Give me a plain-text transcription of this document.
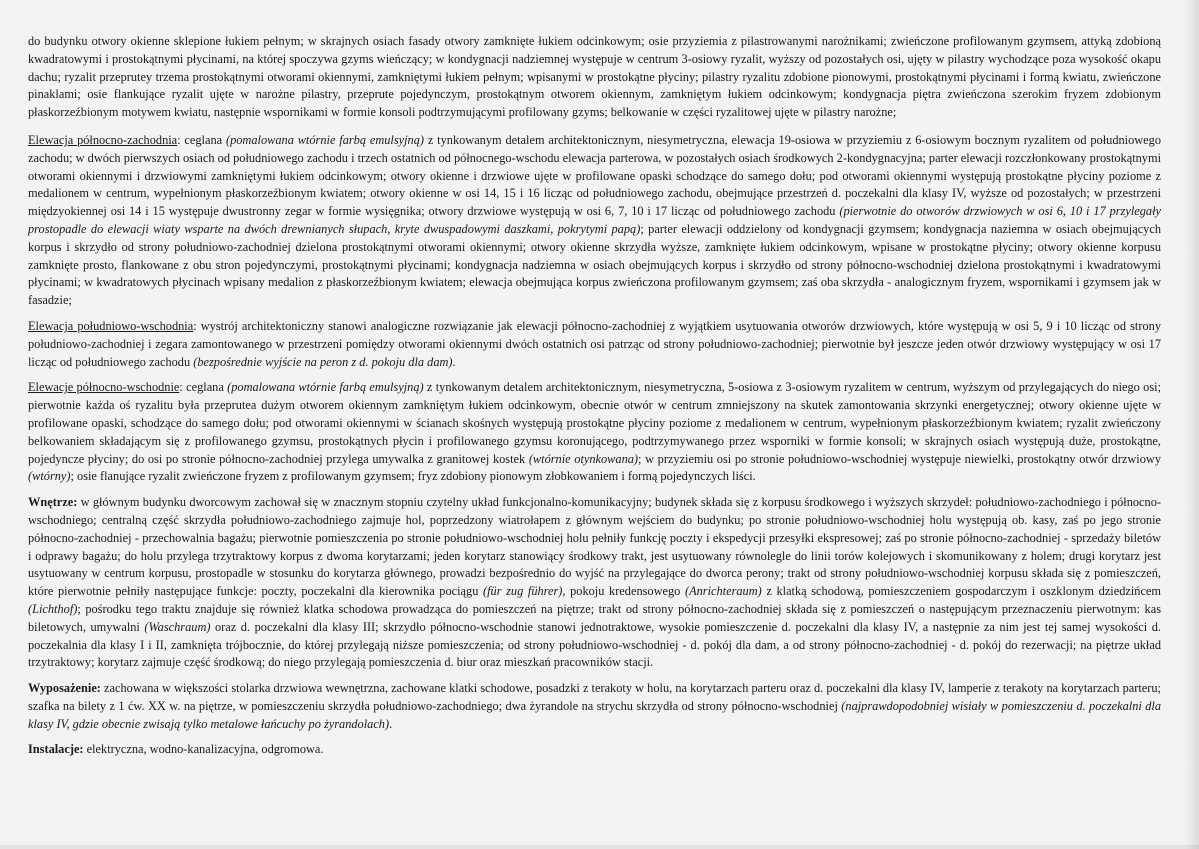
do budynku otwory okienne sklepione łukiem pełnym; w skrajnych osiach fasady otwory zamknięte łukiem odcinkowym; osie przyziemia z pilastrowanymi narożnikami; zwieńczone profilowanym gzymsem, attyką zdobioną kwadratowymi i prostokątnymi płycinami, na której spoczywa gzyms wieńczący; w kondygnacji nadziemnej występuje w centrum 3-osiowy ryzalit, wyższy od pozostałych osi, ujęty w pilastry wychodzące poza wysokość okapu dachu; ryzalit przeprutey trzema prostokątnymi otworami okiennymi, zamkniętymi łukiem pełnym; wpisanymi w prostokątne płyciny; pilastry ryzalitu zdobione pionowymi, prostokątnymi płycinami i formą kwiatu, zwieńczone pinaklami; osie flankujące ryzalit ujęte w narożne pilastry, przeprute pojedynczym, prostokątnym otworem okiennym, zamkniętym łukiem odcinkowym; kondygnacja piętra zwieńczona szerokim fryzem zdobionym płaskorzeźbionym motywem kwiatu, następnie wspornikami w formie konsoli podtrzymującymi profilowany gzyms; belkowanie w części ryzalitowej ujęte w pilastry narożne;

Elewacja północno-zachodnia: ceglana (pomalowana wtórnie farbą emulsyjną) z tynkowanym detalem architektonicznym, niesymetryczna, elewacja 19-osiowa w przyziemiu z 6-osiowym bocznym ryzalitem od południowego zachodu; w dwóch pierwszych osiach od południowego zachodu i trzech ostatnich od północnego-wschodu elewacja parterowa, w pozostałych osiach środkowych 2-kondygnacyjna; parter elewacji rozczłonkowany prostokątnymi otworami okiennymi i drzwiowymi zamkniętymi łukiem odcinkowym; otwory okienne i drzwiowe ujęte w profilowane opaski schodzące do samego dołu; pod otworami okiennymi występują prostokątne płyciny poziome z medalionem w centrum, wypełnionym płaskorzeźbionym kwiatem; otwory okienne w osi 14, 15 i 16 licząc od południowego zachodu, obejmujące przestrzeń d. poczekalni dla klasy IV, wyższe od pozostałych; w przestrzeni międzyokiennej osi 14 i 15 występuje dwustronny zegar w formie wysięgnika; otwory drzwiowe występują w osi 6, 7, 10 i 17 licząc od południowego zachodu (pierwotnie do otworów drzwiowych w osi 6, 10 i 17 przylegały prostopadle do elewacji wiaty wsparte na dwóch drewnianych słupach, kryte dwuspadowymi daszkami, pokrytymi papą); parter elewacji oddzielony od kondygnacji gzymsem; kondygnacja naziemna w osiach obejmujących korpus i skrzydło od strony południowo-zachodniej dzielona prostokątnymi otworami okiennymi; otwory okienne skrzydła wyższe, zamknięte łukiem odcinkowym, wpisane w prostokątne płyciny; otwory okienne korpusu zamknięte prosto, flankowane z obu stron pojedynczymi, prostokątnymi płycinami; kondygnacja nadziemna w osiach obejmujących korpus i skrzydło od strony północno-wschodniej dzielona prostokątnymi i kwadratowymi płycinami; w kwadratowych płycinach wpisany medalion z płaskorzeźbionym kwiatem; elewacja obejmująca korpus zwieńczona profilowanym gzymsem; zaś oba skrzydła - analogicznym fryzem, wspornikami i gzymsem jak w fasadzie;

Elewacja południowo-wschodnia: wystrój architektoniczny stanowi analogiczne rozwiązanie jak elewacji północno-zachodniej z wyjątkiem usytuowania otworów drzwiowych, które występują w osi 5, 9 i 10 licząc od strony południowo-zachodniej i zegara zamontowanego w przestrzeni pomiędzy otworami okiennymi dwóch ostatnich osi patrząc od strony południowo-zachodniej; pierwotnie był jeszcze jeden otwór drzwiowy występujący w osi 17 licząc od południowego zachodu (bezpośrednie wyjście na peron z d. pokoju dla dam).

Elewacje północno-wschodnie: ceglana (pomalowana wtórnie farbą emulsyjną) z tynkowanym detalem architektonicznym, niesymetryczna, 5-osiowa z 3-osiowym ryzalitem w centrum, wyższym od przylegających do niego osi; pierwotnie każda oś ryzalitu była przeprutea dużym otworem okiennym zamkniętym łukiem odcinkowym, obecnie otwór w centrum zmniejszony na skutek zamontowania skrzynki energetycznej; otwory okienne ujęte w profilowane opaski, schodzące do samego dołu; pod otworami okiennymi w ścianach skośnych występują prostokątne płyciny poziome z medalionem w centrum, wypełnionym płaskorzeźbionym kwiatem; ryzalit zwieńczony belkowaniem składającym się z profilowanego gzymsu, prostokątnych płycin i profilowanego gzymsu koronującego, podtrzymywanego przez wsporniki w formie konsoli; w skrajnych osiach występują duże, prostokątne, pojedyncze płyciny; do osi po stronie północno-zachodniej przylega umywalka z granitowej kostek (wtórnie otynkowana); w przyziemiu osi po stronie południowo-wschodniej występuje niewielki, prostokątny otwór drzwiowy (wtórny); osie flanujące ryzalit zwieńczone fryzem z profilowanym gzymsem; fryz zdobiony pionowym złobkowaniem i formą pojedynczych liści.

Wnętrze: w głównym budynku dworcowym zachował się w znacznym stopniu czytelny układ funkcjonalno-komunikacyjny; budynek składa się z korpusu środkowego i wyższych skrzydeł: południowo-zachodniego i północno-wschodniego; centralną część skrzydła południowo-zachodniego zajmuje hol, poprzedzony wiatrołapem z głównym wejściem do budynku; po stronie południowo-wschodniej holu występują ob. kasy, zaś po jego stronie północno-zachodniej - przechowalnia bagażu; pierwotnie pomieszczenia po stronie południowo-wschodniej holu pełniły funkcję poczty i ekspedycji przesyłki ekspresowej; zaś po stronie północno-zachodniej - sprzedaży biletów i odprawy bagażu; do holu przylega trzytraktowy korpus z dwoma korytarzami; jeden korytarz stanowiący środkowy trakt, jest usytuowany równolegle do linii torów kolejowych i skomunikowany z holem; drugi korytarz jest usytuowany w centrum korpusu, prostopadle w stosunku do korytarza głównego, prowadzi bezpośrednio do wyjść na przylegające do dworca perony; trakt od strony południowo-wschodniej korpusu składa się z pomieszczeń, które pierwotnie pełniły następujące funkcje: poczty, poczekalni dla kierownika pociągu (für zug führer), pokoju kredensowego (Anrichteraum) z klatką schodową, pomieszczeniem gospodarczym i oszklonym dziedzińcem (Lichthof); pośrodku tego traktu znajduje się również klatka schodowa prowadząca do pomieszczeń na piętrze; trakt od strony północno-zachodniej składa się z pomieszczeń o następującym przeznaczeniu pierwotnym: kas biletowych, umywalni (Waschraum) oraz d. poczekalni dla klasy III; skrzydło północno-wschodnie stanowi jednotraktowe, wysokie pomieszczenie d. poczekalni dla klasy IV, a następnie za nim jest tej samej wysokości d. poczekalnia dla klasy I i II, zamknięta trójbocznie, do której przylegają niższe pomieszczenia; od strony południowo-wschodniej - d. pokój dla dam, a od strony północno-zachodniej - d. pokój do rezerwacji; na piętrze układ trzytraktowy; korytarz zajmuje część środkową; do niego przylegają pomieszczenia d. biur oraz mieszkań pracowników stacji.

Wyposażenie: zachowana w większości stolarka drzwiowa wewnętrzna, zachowane klatki schodowe, posadzki z terakoty w holu, na korytarzach parteru oraz d. poczekalni dla klasy IV, lamperie z terakoty na korytarzach parteru; szafka na bilety z 1 ćw. XX w. na piętrze, w pomieszczeniu skrzydła południowo-zachodniego; dwa żyrandole na strychu skrzydła od strony północno-wschodniej (najprawdopodobniej wisiały w pomieszczeniu d. poczekalni dla klasy IV, gdzie obecnie zwisają tylko metalowe łańcuchy po żyrandolach).

Instalacje: elektryczna, wodno-kanalizacyjna, odgromowa.
